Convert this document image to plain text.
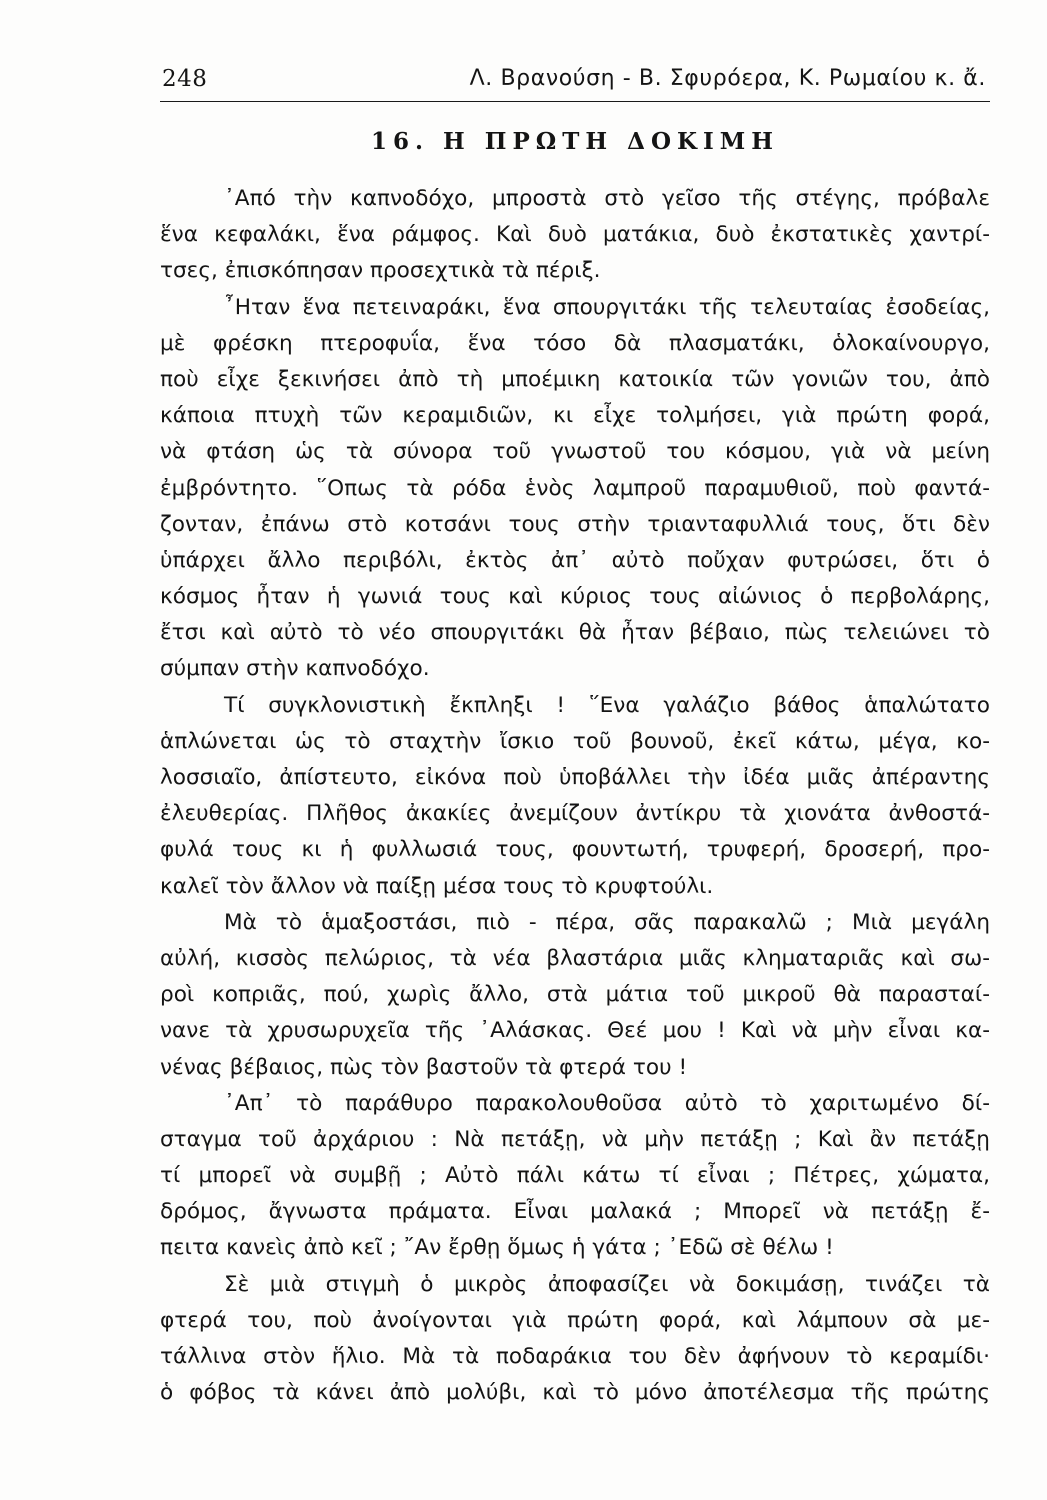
248	Λ. Βρανούση - Β. Σφυρόερα, Κ. Ρωμαίου κ. ἄ.
16. Η ΠΡΩΤΗ ΔΟΚΙΜΗ
᾿Από τὴν καπνοδόχο, μπροστὰ στὸ γεῖσο τῆς στέγης, πρόβαλε
ἕνα κεφαλάκι, ἕνα ράμφος. Καὶ δυὸ ματάκια, δυὸ ἐκστατικὲς χαντρί-
τσες, ἐπισκόπησαν προσεχτικὰ τὰ πέριξ.
῏Ηταν ἕνα πετειναράκι, ἕνα σπουργιτάκι τῆς τελευταίας ἐσοδείας,
μὲ φρέσκη πτεροφυΐα, ἕνα τόσο δὰ πλασματάκι, ὁλοκαίνουργο,
ποὺ εἶχε ξεκινήσει ἀπὸ τὴ μποέμικη κατοικία τῶν γονιῶν του, ἀπὸ
κάποια πτυχὴ τῶν κεραμιδιῶν, κι εἶχε τολμήσει, γιὰ πρώτη φορά,
νὰ φτάση ὡς τὰ σύνορα τοῦ γνωστοῦ του κόσμου, γιὰ νὰ μείνη
ἐμβρόντητο. ῞Οπως τὰ ρόδα ἑνὸς λαμπροῦ παραμυθιοῦ, ποὺ φαντά-
ζονταν, ἐπάνω στὸ κοτσάνι τους στὴν τριανταφυλλιά τους, ὅτι δὲν
ὑπάρχει ἄλλο περιβόλι, ἐκτὸς ἀπ᾿ αὐτὸ ποὔχαν φυτρώσει, ὅτι ὁ
κόσμος ἦταν ἡ γωνιά τους καὶ κύριος τους αἰώνιος ὁ περβολάρης,
ἔτσι καὶ αὐτὸ τὸ νέο σπουργιτάκι θὰ ἦταν βέβαιο, πὼς τελειώνει τὸ
σύμπαν στὴν καπνοδόχο.
Τί συγκλονιστικὴ ἔκπληξι ! ῞Ενα γαλάζιο βάθος ἁπαλώτατο
ἁπλώνεται ὡς τὸ σταχτὴν ἴσκιο τοῦ βουνοῦ, ἐκεῖ κάτω, μέγα, κο-
λοσσιαῖο, ἀπίστευτο, εἰκόνα ποὺ ὑποβάλλει τὴν ἰδέα μιᾶς ἀπέραντης
ἐλευθερίας. Πλῆθος ἀκακίες ἀνεμίζουν ἀντίκρυ τὰ χιονάτα ἀνθοστά-
φυλά τους κι ἡ φυλλωσιά τους, φουντωτή, τρυφερή, δροσερή, προ-
καλεῖ τὸν ἄλλον νὰ παίξῃ μέσα τους τὸ κρυφτούλι.
Μὰ τὸ ἁμαξοστάσι, πιὸ - πέρα, σᾶς παρακαλῶ ; Μιὰ μεγάλη
αὐλή, κισσὸς πελώριος, τὰ νέα βλαστάρια μιᾶς κληματαριᾶς καὶ σω-
ροὶ κοπριᾶς, πού, χωρὶς ἄλλο, στὰ μάτια τοῦ μικροῦ θὰ παρασταί-
νανε τὰ χρυσωρυχεῖα τῆς ᾿Αλάσκας. Θεέ μου ! Καὶ νὰ μὴν εἶναι κα-
νένας βέβαιος, πὼς τὸν βαστοῦν τὰ φτερά του !
᾿Απ᾿ τὸ παράθυρο παρακολουθοῦσα αὐτὸ τὸ χαριτωμένο δί-
σταγμα τοῦ ἀρχάριου : Νὰ πετάξῃ, νὰ μὴν πετάξῃ ; Καὶ ἂν πετάξῃ
τί μπορεῖ νὰ συμβῇ ; Αὐτὸ πάλι κάτω τί εἶναι ; Πέτρες, χώματα,
δρόμος, ἄγνωστα πράματα. Εἶναι μαλακά ; Μπορεῖ νὰ πετάξῃ ἔ-
πειτα κανεὶς ἀπὸ κεῖ ; ῎Αν ἔρθῃ ὅμως ἡ γάτα ; ᾿Εδῶ σὲ θέλω !
Σὲ μιὰ στιγμὴ ὁ μικρὸς ἀποφασίζει νὰ δοκιμάσῃ, τινάζει τὰ
φτερά του, ποὺ ἀνοίγονται γιὰ πρώτη φορά, καὶ λάμπουν σὰ με-
τάλλινα στὸν ἥλιο. Μὰ τὰ ποδαράκια του δὲν ἀφήνουν τὸ κεραμίδι·
ὁ φόβος τὰ κάνει ἀπὸ μολύβι, καὶ τὸ μόνο ἀποτέλεσμα τῆς πρώτης
